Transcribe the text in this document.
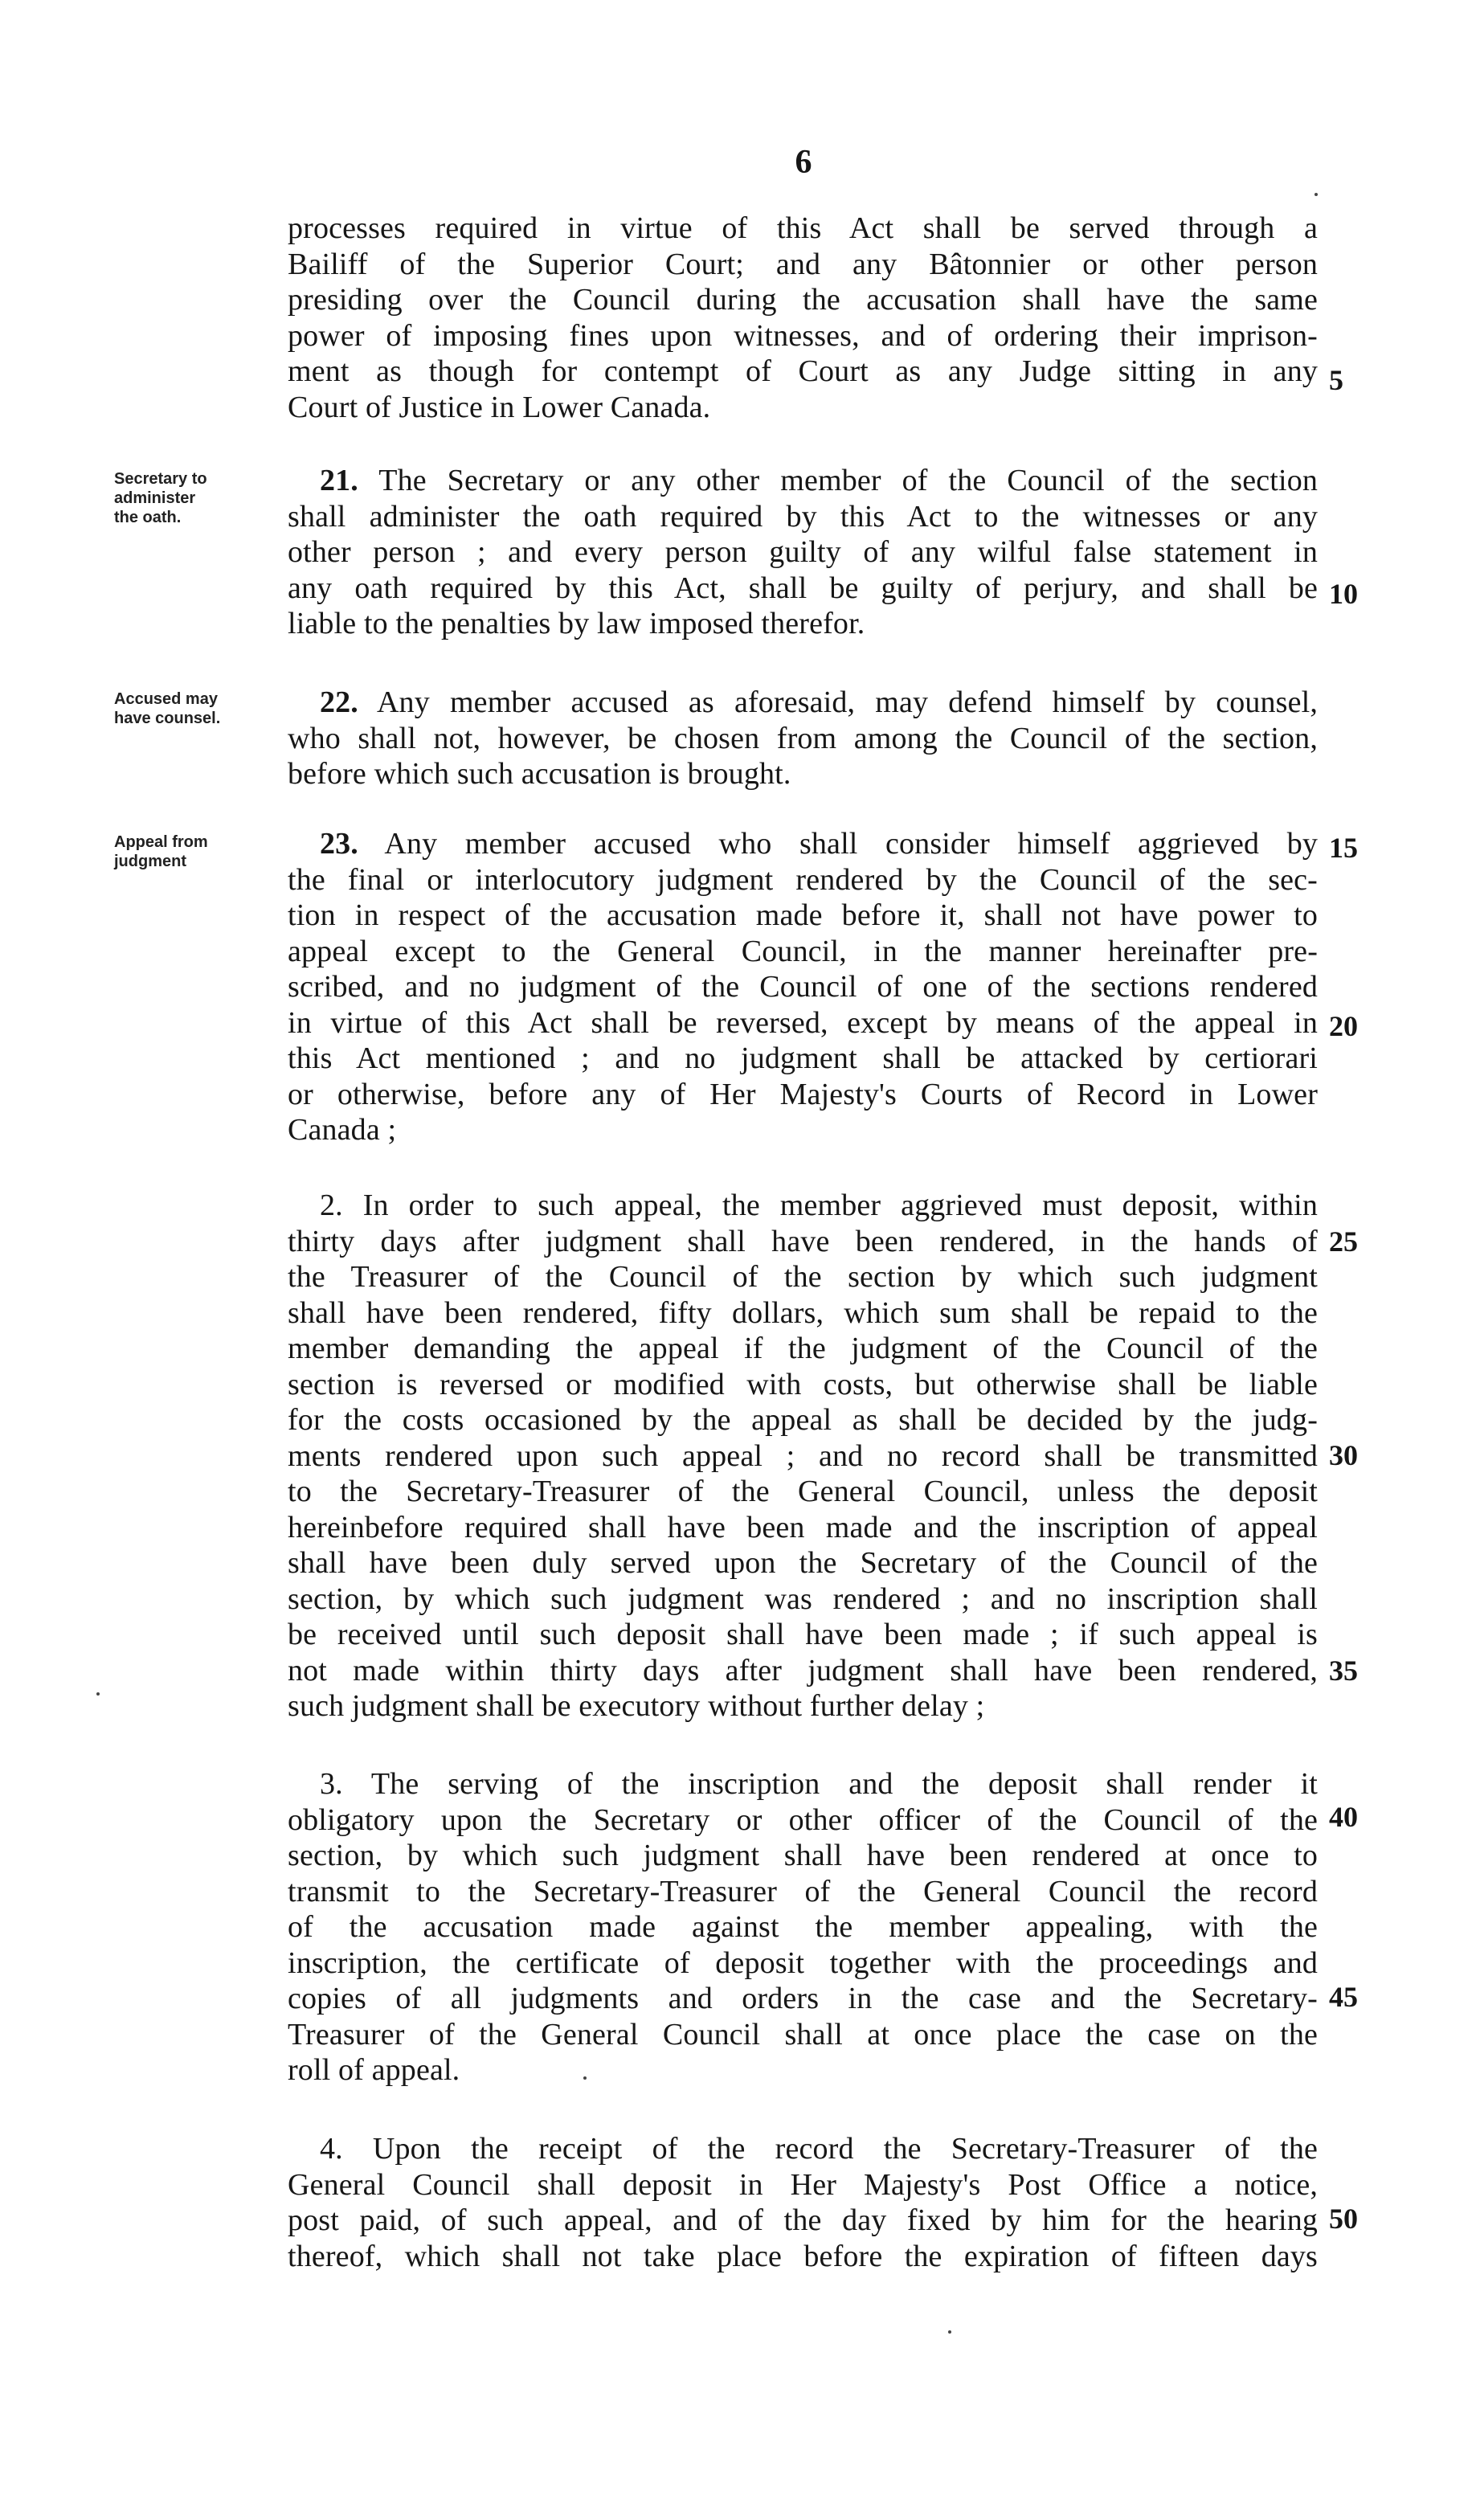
6
processes required in virtue of this Act shall be served through a
Bailiff of the Superior Court; and any Bâtonnier or other person
presiding over the Council during the accusation shall have the same
power of imposing fines upon witnesses, and of ordering their imprison-
ment as though for contempt of Court as any Judge sitting in any
Court of Justice in Lower Canada.
Secretary to
administer
the oath.
21. The Secretary or any other member of the Council of the section
shall administer the oath required by this Act to the witnesses or any
other person ; and every person guilty of any wilful false statement in
any oath required by this Act, shall be guilty of perjury, and shall be
liable to the penalties by law imposed therefor.
Accused may
have counsel.	22. Any member accused as aforesaid, may defend himself by counsel,
who shall not, however, be chosen from among the Council of the section,
before which such accusation is brought.
Appeal from
judgment
23. Any member accused who shall consider himself aggrieved by
the final or interlocutory judgment rendered by the Council of the sec-
tion in respect of the accusation made before it, shall not have power to
appeal except to the General Council, in the manner hereinafter pre-
scribed, and no judgment of the Council of one of the sections rendered
in virtue of this Act shall be reversed, except by means of the appeal in
this Act mentioned ; and no judgment shall be attacked by certiorari
or otherwise, before any of Her Majesty's Courts of Record in Lower
Canada ;
2. In order to such appeal, the member aggrieved must deposit, within
thirty days after judgment shall have been rendered, in the hands of
the Treasurer of the Council of the section by which such judgment
shall have been rendered, fifty dollars, which sum shall be repaid to the
member demanding the appeal if the judgment of the Council of the
section is reversed or modified with costs, but otherwise shall be liable
for the costs occasioned by the appeal as shall be decided by the judg-
ments rendered upon such appeal ; and no record shall be transmitted
to the Secretary-Treasurer of the General Council, unless the deposit
hereinbefore required shall have been made and the inscription of appeal
shall have been duly served upon the Secretary of the Council of the
section, by which such judgment was rendered ; and no inscription shall
be received until such deposit shall have been made ; if such appeal is
not made within thirty days after judgment shall have been rendered,
such judgment shall be executory without further delay ;
3. The serving of the inscription and the deposit shall render it
obligatory upon the Secretary or other officer of the Council of the
section, by which such judgment shall have been rendered at once to
transmit to the Secretary-Treasurer of the General Council the record
of the accusation made against the member appealing, with the
inscription, the certificate of deposit together with the proceedings and
copies of all judgments and orders in the case and the Secretary-
Treasurer of the General Council shall at once place the case on the
roll of appeal.
4. Upon the receipt of the record the Secretary-Treasurer of the
General Council shall deposit in Her Majesty's Post Office a notice,
post paid, of such appeal, and of the day fixed by him for the hearing
thereof, which shall not take place before the expiration of fifteen days
5
10
15
20
25
30
35
40
45
50
